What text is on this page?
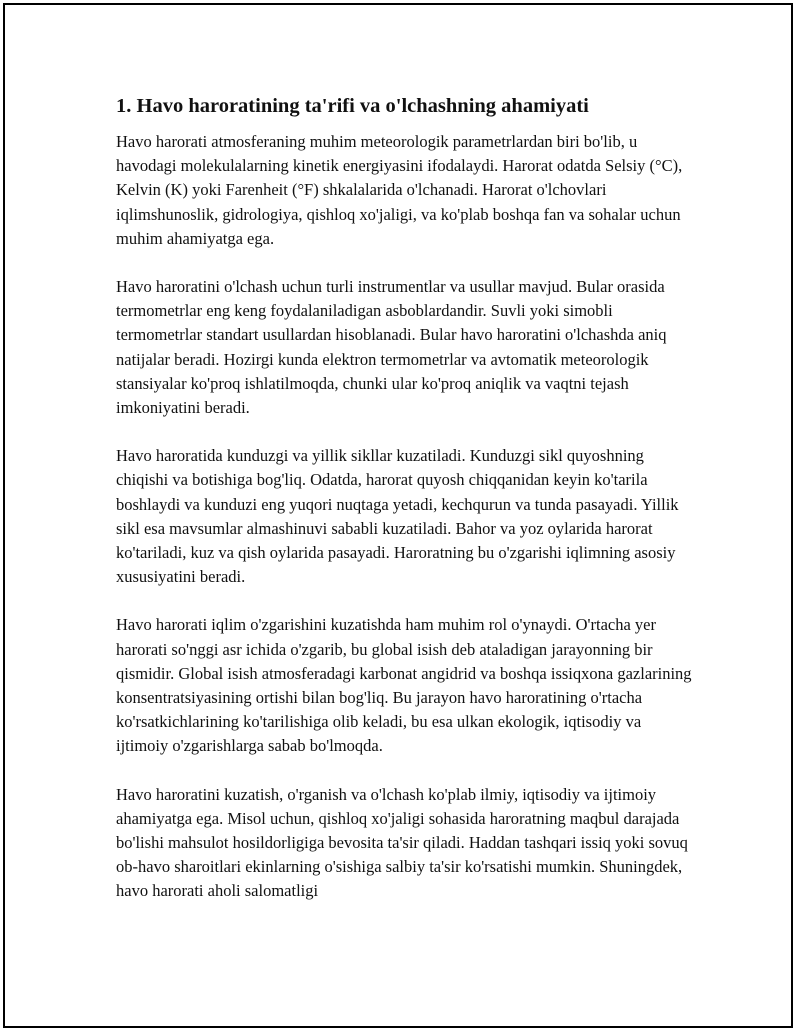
1. Havo haroratining ta'rifi va o'lchashning ahamiyati

Havo harorati atmosferaning muhim meteorologik parametrlardan biri bo'lib, u havodagi molekulalarning kinetik energiyasini ifodalaydi. Harorat odatda Selsiy (°C), Kelvin (K) yoki Farenheit (°F) shkalalarida o'lchanadi. Harorat o'lchovlari iqlimshunoslik, gidrologiya, qishloq xo'jaligi, va ko'plab boshqa fan va sohalar uchun muhim ahamiyatga ega.

Havo haroratini o'lchash uchun turli instrumentlar va usullar mavjud. Bular orasida termometrlar eng keng foydalaniladigan asboblardandir. Suvli yoki simobli termometrlar standart usullardan hisoblanadi. Bular havo haroratini o'lchashda aniq natijalar beradi. Hozirgi kunda elektron termometrlar va avtomatik meteorologik stansiyalar ko'proq ishlatilmoqda, chunki ular ko'proq aniqlik va vaqtni tejash imkoniyatini beradi.

Havo haroratida kunduzgi va yillik sikllar kuzatiladi. Kunduzgi sikl quyoshning chiqishi va botishiga bog'liq. Odatda, harorat quyosh chiqqanidan keyin ko'tarila boshlaydi va kunduzi eng yuqori nuqtaga yetadi, kechqurun va tunda pasayadi. Yillik sikl esa mavsumlar almashinuvi sababli kuzatiladi. Bahor va yoz oylarida harorat ko'tariladi, kuz va qish oylarida pasayadi. Haroratning bu o'zgarishi iqlimning asosiy xususiyatini beradi.

Havo harorati iqlim o'zgarishini kuzatishda ham muhim rol o'ynaydi. O'rtacha yer harorati so'nggi asr ichida o'zgarib, bu global isish deb ataladigan jarayonning bir qismidir. Global isish atmosferadagi karbonat angidrid va boshqa issiqxona gazlarining konsentratsiyasining ortishi bilan bog'liq. Bu jarayon havo haroratining o'rtacha ko'rsatkichlarining ko'tarilishiga olib keladi, bu esa ulkan ekologik, iqtisodiy va ijtimoiy o'zgarishlarga sabab bo'lmoqda.

Havo haroratini kuzatish, o'rganish va o'lchash ko'plab ilmiy, iqtisodiy va ijtimoiy ahamiyatga ega. Misol uchun, qishloq xo'jaligi sohasida haroratning maqbul darajada bo'lishi mahsulot hosildorligiga bevosita ta'sir qiladi. Haddan tashqari issiq yoki sovuq ob-havo sharoitlari ekinlarning o'sishiga salbiy ta'sir ko'rsatishi mumkin. Shuningdek, havo harorati aholi salomatligi
